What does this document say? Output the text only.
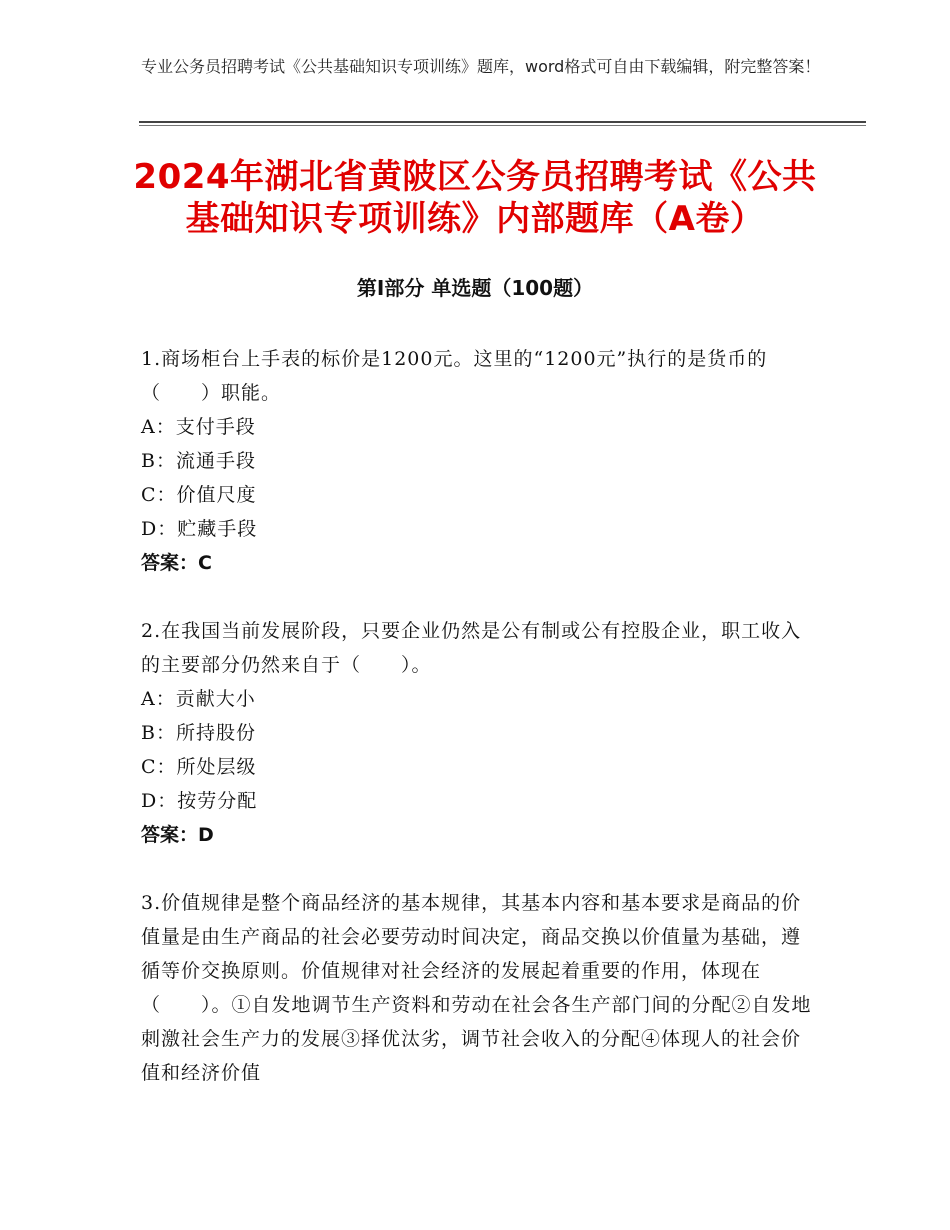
专业公务员招聘考试《公共基础知识专项训练》题库，word格式可自由下载编辑，附完整答案！
2024年湖北省黄陂区公务员招聘考试《公共基础知识专项训练》内部题库（A卷）
第Ⅰ部分 单选题（100题）
1.商场柜台上手表的标价是1200元。这里的“1200元”执行的是货币的（　　）职能。
A：支付手段
B：流通手段
C：价值尺度
D：贮藏手段
答案：C
2.在我国当前发展阶段，只要企业仍然是公有制或公有控股企业，职工收入的主要部分仍然来自于（　　）。
A：贡献大小
B：所持股份
C：所处层级
D：按劳分配
答案：D
3.价值规律是整个商品经济的基本规律，其基本内容和基本要求是商品的价值量是由生产商品的社会必要劳动时间决定，商品交换以价值量为基础，遵循等价交换原则。价值规律对社会经济的发展起着重要的作用，体现在（　　）。①自发地调节生产资料和劳动在社会各生产部门间的分配②自发地刺激社会生产力的发展③择优汰劣，调节社会收入的分配④体现人的社会价值和经济价值
